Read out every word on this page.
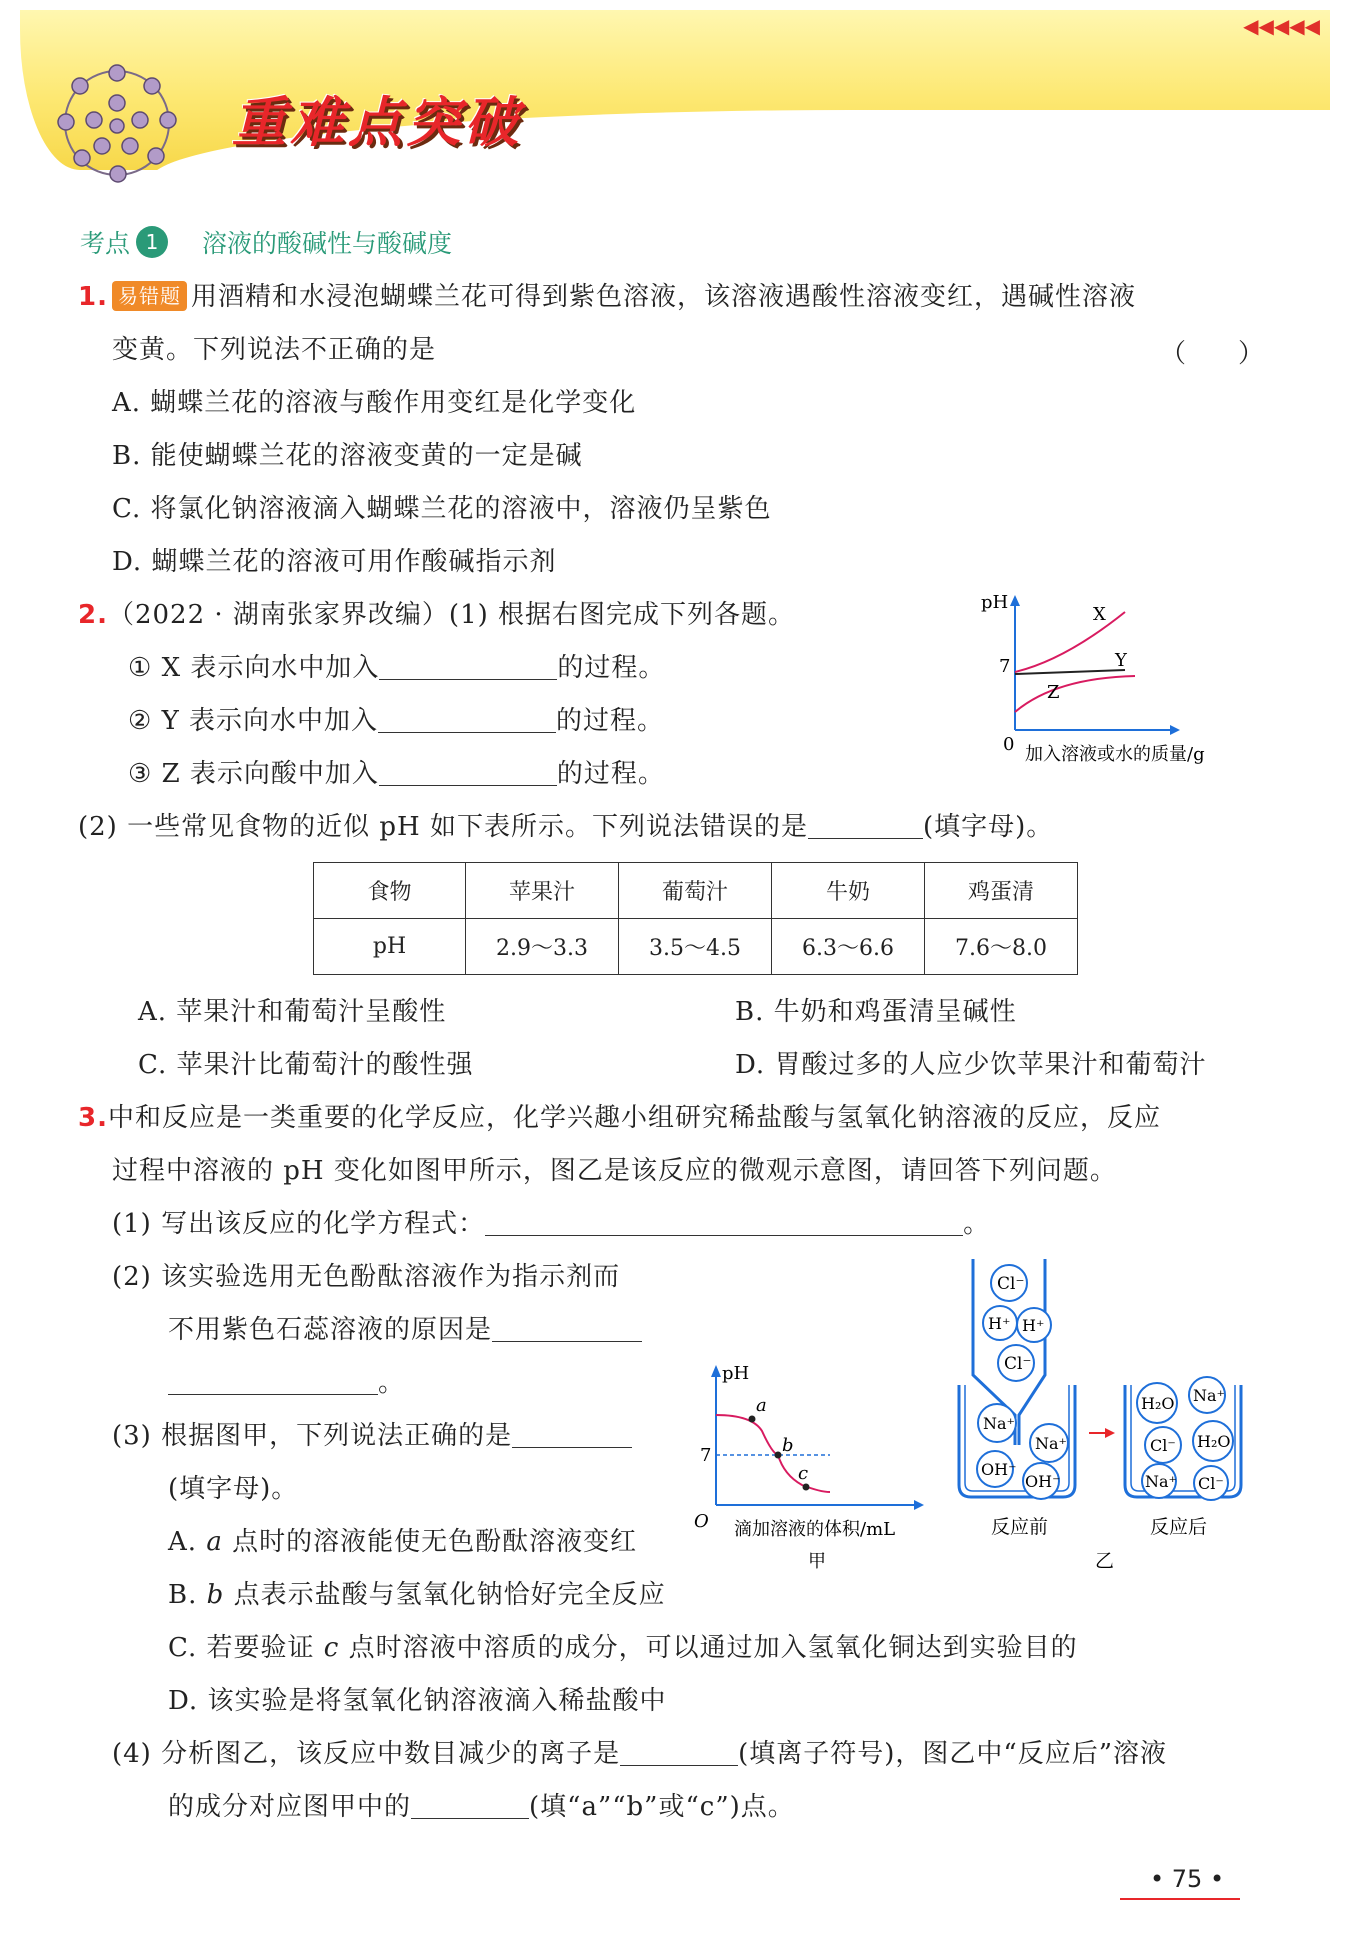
◀◀◀◀◀
重难点突破
考点 1	溶液的酸碱性与酸碱度
1. 易错题 用酒精和水浸泡蝴蝶兰花可得到紫色溶液，该溶液遇酸性溶液变红，遇碱性溶液
变黄。下列说法不正确的是	（　　）
A. 蝴蝶兰花的溶液与酸作用变红是化学变化
B. 能使蝴蝶兰花的溶液变黄的一定是碱
C. 将氯化钠溶液滴入蝴蝶兰花的溶液中，溶液仍呈紫色
D. 蝴蝶兰花的溶液可用作酸碱指示剂
2.（2022 · 湖南张家界改编）(1) 根据右图完成下列各题。
① X 表示向水中加入	的过程。
② Y 表示向水中加入	的过程。
③ Z 表示向酸中加入	的过程。
pH
7
0 加入溶液或水的质量/g
X
Y
Z
(2) 一些常见食物的近似 pH 如下表所示。下列说法错误的是	(填字母)。
食物	苹果汁	葡萄汁	牛奶	鸡蛋清
pH	2.9～3.3	3.5～4.5	6.3～6.6	7.6～8.0
A. 苹果汁和葡萄汁呈酸性	B. 牛奶和鸡蛋清呈碱性
C. 苹果汁比葡萄汁的酸性强	D. 胃酸过多的人应少饮苹果汁和葡萄汁
3.中和反应是一类重要的化学反应，化学兴趣小组研究稀盐酸与氢氧化钠溶液的反应，反应
过程中溶液的 pH 变化如图甲所示，图乙是该反应的微观示意图，请回答下列问题。
(1) 写出该反应的化学方程式：	。
(2) 该实验选用无色酚酞溶液作为指示剂而
不用紫色石蕊溶液的原因是
。
(3) 根据图甲，下列说法正确的是
(填字母)。
A. a 点时的溶液能使无色酚酞溶液变红
B. b 点表示盐酸与氢氧化钠恰好完全反应
C. 若要验证 c 点时溶液中溶质的成分，可以通过加入氢氧化铜达到实验目的
D. 该实验是将氢氧化钠溶液滴入稀盐酸中
(4) 分析图乙，该反应中数目减少的离子是	(填离子符号)，图乙中“反应后”溶液
的成分对应图甲中的	(填“a”“b”或“c”)点。
pH
7
O
a
b
c
滴加溶液的体积/mL
甲
Cl⁻
H⁺ H⁺
Cl⁻
Na⁺
Na⁺
OH⁻
OH⁻
H₂O Na⁺
Cl⁻ H₂O
Na⁺ Cl⁻
反应前	反应后
乙
• 75 •
